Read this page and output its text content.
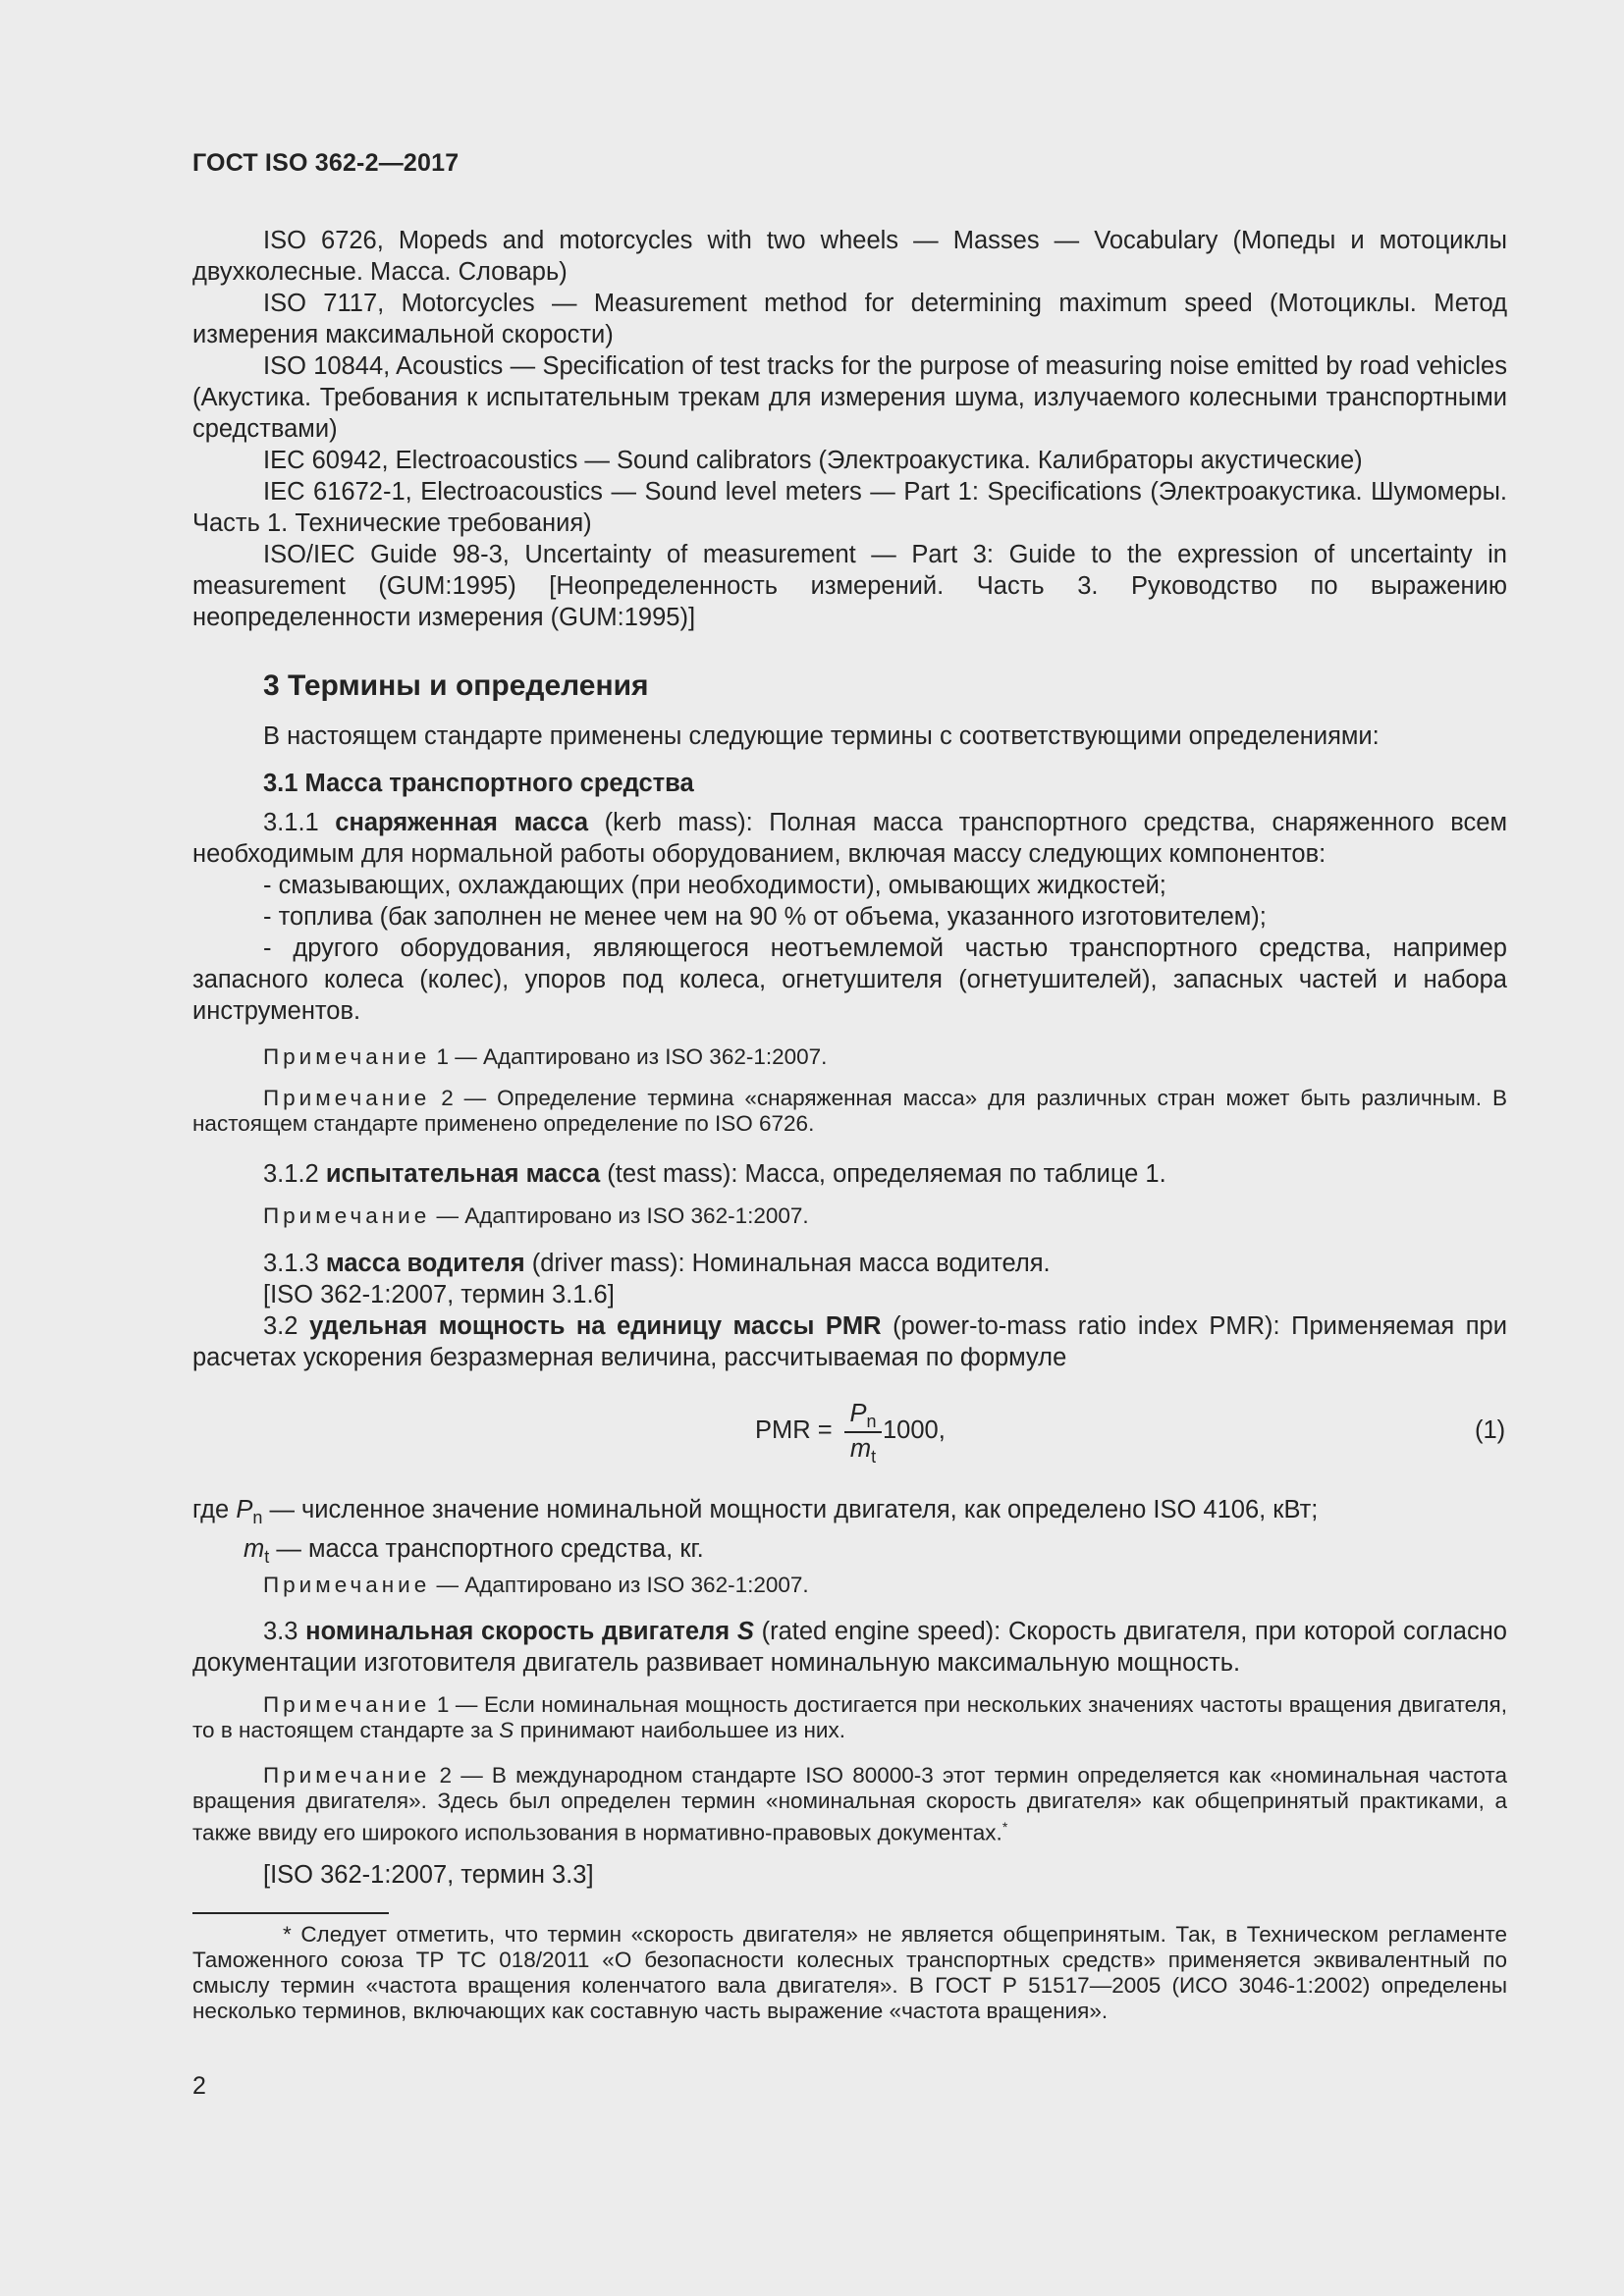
ГОСТ ISO 362-2—2017

ISO 6726, Mopeds and motorcycles with two wheels — Masses — Vocabulary (Мопеды и мотоциклы двухколесные. Масса. Словарь)

ISO 7117, Motorcycles — Measurement method for determining maximum speed (Мотоциклы. Метод измерения максимальной скорости)

ISO 10844, Acoustics — Specification of test tracks for the purpose of measuring noise emitted by road vehicles (Акустика. Требования к испытательным трекам для измерения шума, излучаемого колесными транспортными средствами)

IEC 60942, Electroacoustics — Sound calibrators (Электроакустика. Калибраторы акустические)

IEC 61672-1, Electroacoustics — Sound level meters — Part 1: Specifications (Электроакустика. Шумомеры. Часть 1. Технические требования)

ISO/IEC Guide 98-3, Uncertainty of measurement — Part 3: Guide to the expression of uncertainty in measurement (GUM:1995) [Неопределенность измерений. Часть 3. Руководство по выражению неопределенности измерения (GUM:1995)]

3 Термины и определения

В настоящем стандарте применены следующие термины с соответствующими определениями:

3.1 Масса транспортного средства

3.1.1 снаряженная масса (kerb mass): Полная масса транспортного средства, снаряженного всем необходимым для нормальной работы оборудованием, включая массу следующих компонентов:

- смазывающих, охлаждающих (при необходимости), омывающих жидкостей;

- топлива (бак заполнен не менее чем на 90 % от объема, указанного изготовителем);

- другого оборудования, являющегося неотъемлемой частью транспортного средства, например запасного колеса (колес), упоров под колеса, огнетушителя (огнетушителей), запасных частей и набора инструментов.

Примечание 1 — Адаптировано из ISO 362-1:2007.

Примечание 2 — Определение термина «снаряженная масса» для различных стран может быть различным. В настоящем стандарте применено определение по ISO 6726.

3.1.2 испытательная масса (test mass): Масса, определяемая по таблице 1.

Примечание — Адаптировано из ISO 362-1:2007.

3.1.3 масса водителя (driver mass): Номинальная масса водителя.

[ISO 362-1:2007, термин 3.1.6]

3.2 удельная мощность на единицу массы PMR (power-to-mass ratio index PMR): Применяемая при расчетах ускорения безразмерная величина, рассчитываемая по формуле

PMR =
$P_n$
$m_t$
1000,	(1)

где $P_n$ — численное значение номинальной мощности двигателя, как определено ISO 4106, кВт;

$m_t$ — масса транспортного средства, кг.

Примечание — Адаптировано из ISO 362-1:2007.

3.3 номинальная скорость двигателя S (rated engine speed): Скорость двигателя, при которой согласно документации изготовителя двигатель развивает номинальную максимальную мощность.

Примечание 1 — Если номинальная мощность достигается при нескольких значениях частоты вращения двигателя, то в настоящем стандарте за S принимают наибольшее из них.

Примечание 2 — В международном стандарте ISO 80000-3 этот термин определяется как «номинальная частота вращения двигателя». Здесь был определен термин «номинальная скорость двигателя» как общепринятый практиками, а также ввиду его широкого использования в нормативно-правовых документах.*

[ISO 362-1:2007, термин 3.3]

* Следует отметить, что термин «скорость двигателя» не является общепринятым. Так, в Техническом регламенте Таможенного союза ТР ТС 018/2011 «О безопасности колесных транспортных средств» применяется эквивалентный по смыслу термин «частота вращения коленчатого вала двигателя». В ГОСТ Р 51517—2005 (ИСО 3046-1:2002) определены несколько терминов, включающих как составную часть выражение «частота вращения».

2
